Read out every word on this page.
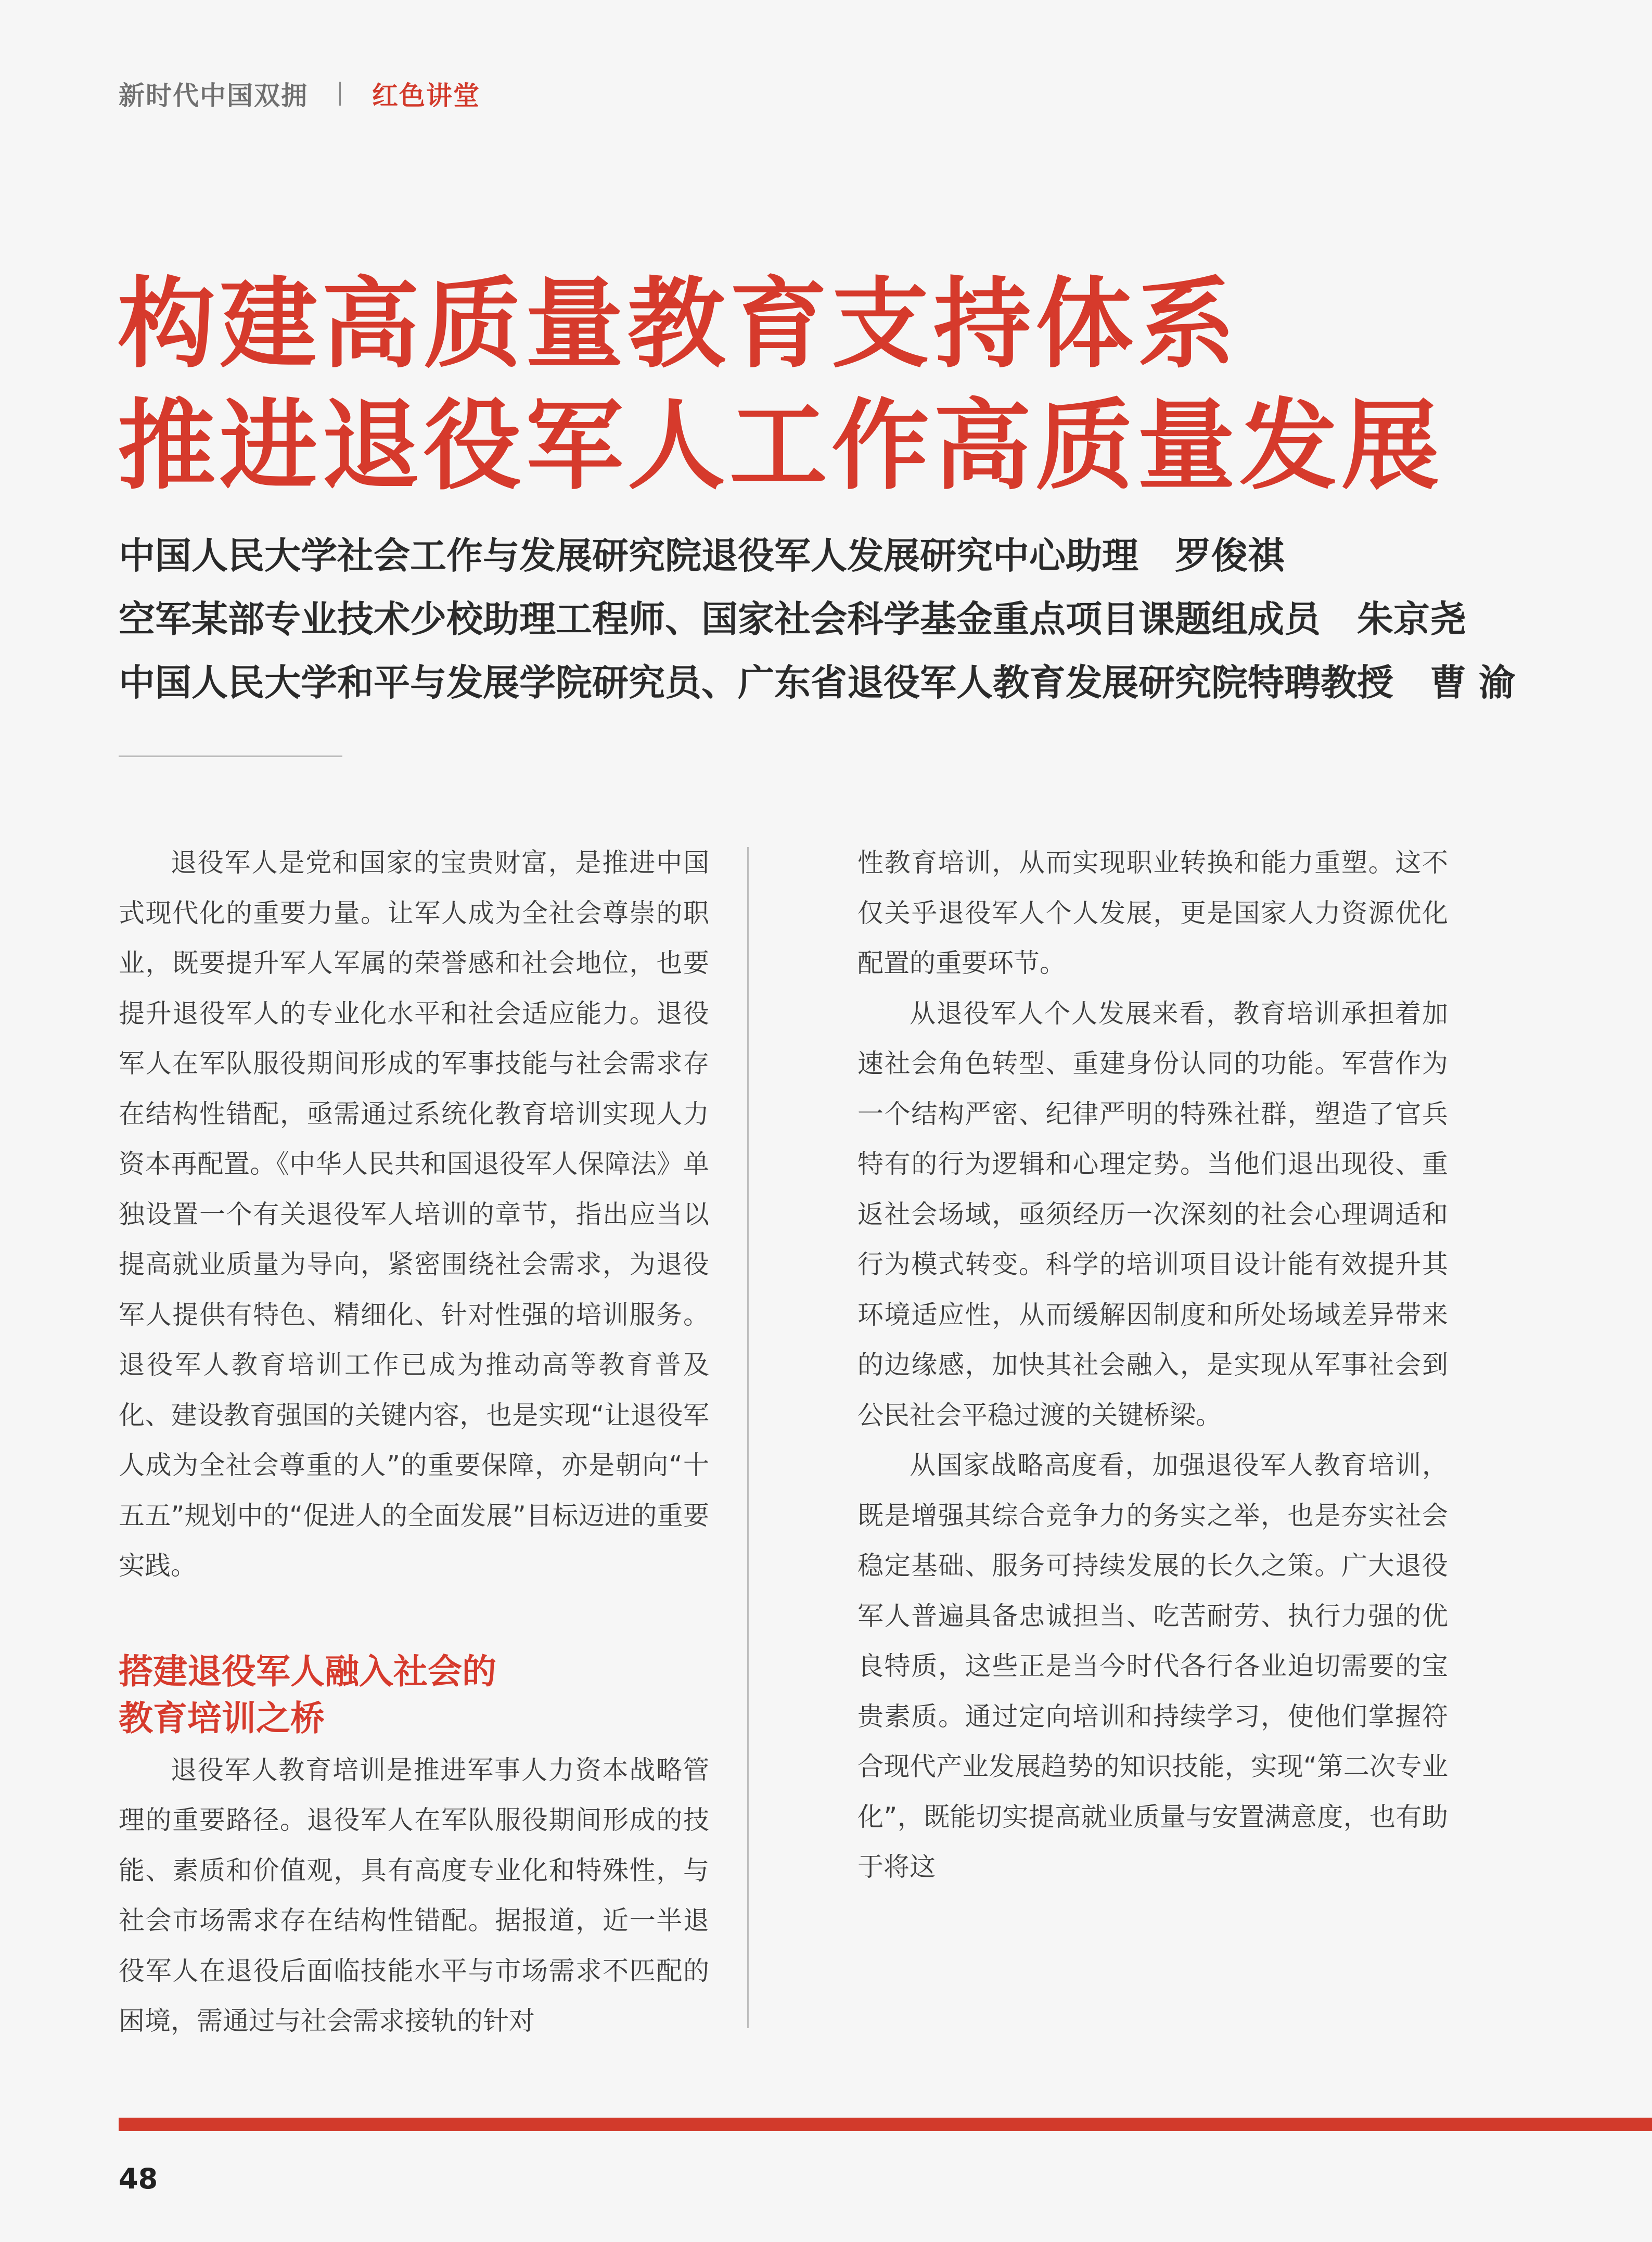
新时代中国双拥 红色讲堂
构建高质量教育支持体系
推进退役军人工作高质量发展
中国人民大学社会工作与发展研究院退役军人发展研究中心助理 罗俊祺
空军某部专业技术少校助理工程师、国家社会科学基金重点项目课题组成员 朱京尧
中国人民大学和平与发展学院研究员、广东省退役军人教育发展研究院特聘教授 曹 渝

退役军人是党和国家的宝贵财富，是推进中国式现代化的重要力量。让军人成为全社会尊崇的职业，既要提升军人军属的荣誉感和社会地位，也要提升退役军人的专业化水平和社会适应能力。退役军人在军队服役期间形成的军事技能与社会需求存在结构性错配，亟需通过系统化教育培训实现人力资本再配置。《中华人民共和国退役军人保障法》单独设置一个有关退役军人培训的章节，指出应当以提高就业质量为导向，紧密围绕社会需求，为退役军人提供有特色、精细化、针对性强的培训服务。退役军人教育培训工作已成为推动高等教育普及化、建设教育强国的关键内容，也是实现“让退役军人成为全社会尊重的人”的重要保障，亦是朝向“十五五”规划中的“促进人的全面发展”目标迈进的重要实践。

搭建退役军人融入社会的
教育培训之桥

退役军人教育培训是推进军事人力资本战略管理的重要路径。退役军人在军队服役期间形成的技能、素质和价值观，具有高度专业化和特殊性，与社会市场需求存在结构性错配。据报道，近一半退役军人在退役后面临技能水平与市场需求不匹配的困境，需通过与社会需求接轨的针对

性教育培训，从而实现职业转换和能力重塑。这不仅关乎退役军人个人发展，更是国家人力资源优化配置的重要环节。

从退役军人个人发展来看，教育培训承担着加速社会角色转型、重建身份认同的功能。军营作为一个结构严密、纪律严明的特殊社群，塑造了官兵特有的行为逻辑和心理定势。当他们退出现役、重返社会场域，亟须经历一次深刻的社会心理调适和行为模式转变。科学的培训项目设计能有效提升其环境适应性，从而缓解因制度和所处场域差异带来的边缘感，加快其社会融入，是实现从军事社会到公民社会平稳过渡的关键桥梁。

从国家战略高度看，加强退役军人教育培训，既是增强其综合竞争力的务实之举，也是夯实社会稳定基础、服务可持续发展的长久之策。广大退役军人普遍具备忠诚担当、吃苦耐劳、执行力强的优良特质，这些正是当今时代各行各业迫切需要的宝贵素质。通过定向培训和持续学习，使他们掌握符合现代产业发展趋势的知识技能，实现“第二次专业化”，既能切实提高就业质量与安置满意度，也有助于将这

48
